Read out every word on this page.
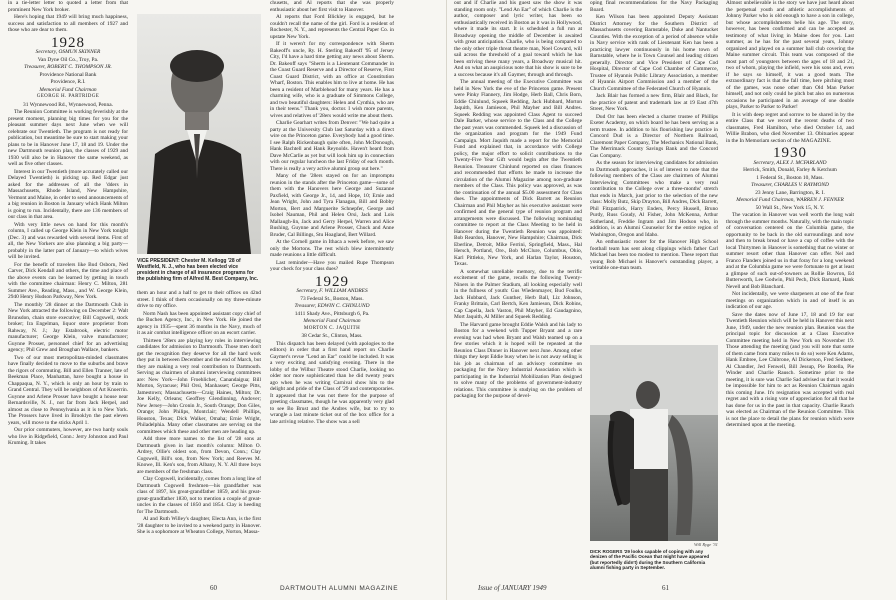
in a tie-letter letter to quoted a letter from that prominent New York broker.

Here's hoping that 1949 will bring much happiness, success and satisfaction to all members of 1927 and those who are dear to them.

1928

Secretary, OSMUN SKINNER

Van Dyne Oil Co., Troy, Pa.

Treasurer, ROBERT C. THOMPSON JR.

Providence National Bank

Providence, R.I.

Memorial Fund Chairman

GEORGE H. PARTRIDGE

31 Wynnewood Rd., Wynnewood, Penna.

The Reunion Committee is working feverishly at the present moment, planning big times for you for the pleasant summer days next June when we will celebrate our Twentieth. The program is not ready for publication, but meantime be sure to start making your plans to be in Hanover June 17, 18 and 19. Under the new Dartmouth reunion plan, the classes of 1929 and 1930 will also be in Hanover the same weekend, as well as five other classes.

Interest in our Twentieth (more accurately called our Delayed Twentieth) is picking up. Red Edgar just asked for the addresses of all the 'dders in Massachusetts, Rhode Island, New Hampshire, Vermont and Maine, in order to send announcements of a big reunion in Boston in January which Hank Milton is going to run. Incidentally, there are 136 members of our class in that area.

With very little news on hand for this month's column, I called up George Klein in New York tonight (Dec. 3) and was rewarded with several items. First of all, the New Yorkers are also planning a big party—probably in the latter part of January—to which wives will be invited.

For the benefit of travelers like Bud Osborn, Ned Carver, Dick Kendall and others, the time and place of the above events can be learned by getting in touch with the committee chairman: Henry C. Milton, 281 Summer Ave., Reading, Mass., and W. George Klein, 2940 Henry Hudson Parkway, New York.

The monthly '28 dinner at the Dartmouth Club in New York attracted the following on December 2: Walt Brunsdon, chain store executive; Bill Cogswell, stock broker; Ira Engelman, liquor store proprietor from Rahway, N. J.; Jay Estabrook, electric motor manufacturer; George Klein, valve manufacturer; Guynne Prosser, personnel chief for an advertising agency; Phil Grew and Broughan Wallace, bankers.

Two of our most metropolitan-minded classmates have finally decided to move to the suburbs and brave the rigors of commuting. Bill and Ellen Tranner, late of Beekman Place, Manhattan, have bought a house in Chappaqua, N. Y., which is only an hour by train to Grand Central. They will be neighbors of Art Knoerrin. Guynne and Arlene Prosser have bought a house near Bernardsville, N. J., not far from Jack Herpel, and almost as close to Pennsylvania as it is to New York. The Prossers have lived in Brooklyn the past eleven years, will move to the sticks April 1.

Our prior commuters, however, are two hardy souls who live in Ridgefield, Conn.: Jerry Johnston and Paul Kruming. It takes

VICE PRESIDENT: Chester M. Kellogg '28 of Westfield, N. J., who has been elected vice president in charge of all insurance programs for the publishing firm of Alfred M. Best Company, Inc.

them an hour and a half to get to their offices on 42nd street. I think of them occasionally on my three-minute drive to my office.

Norm Nash has been appointed assistant copy chief of the Buchen Agency, Inc., in New York. He joined the agency in 1935—spent 36 months in the Navy, much of it as air combat intelligence officer on an escort carrier.

Thirteen '28ers are playing key roles in interviewing candidates for admission to Dartmouth. Those men don't get the recognition they deserve for all the hard work they put in between December and the end of March, but they are making a very real contribution to Dartmouth. Serving as chairmen of alumni interviewing committees are: New York—John Froehlicher, Canandaigua; Bill Morton, Syracuse; Phil Orsi, Manhasset; George Pitts, Jamestown; Massachusetts—Craig Haines, Milton; Dr. Joe Kelly, Orleans; Geoffrey Glendinning, Andover; New Jersey—John Cronin Jr., South Orange; Don Giles, Orange; John Philips, Montclair; Wendell Phillips, Houston, Texas; Dick Walker, Omaha; Ernie Wright, Philadelphia. Many other classmates are serving on the committees which these and other men are heading up.

Add three more names to the list of '28 sons at Dartmouth given in last month's column: Milton O. Ardrey, Ollie's oldest son, from Devon, Conn.; Clay Cogswell, Bill's son, from New York; and Reeves M. Knowe, Ill. Ken's son, from Albany, N. Y. All three boys are members of the freshman class.

Clay Cogswell, incidentally, comes from a long line of Dartmouth Cogswell freshmen—his grandfather was class of 1897, his great-grandfather 1859, and his great-great-grandfather 1830, not to mention a couple of great-uncles in the classes of 1850 and 1854. Clay is heeding for The Dartmouth.

Al and Ruth Willey's daughter, Electa Ann, is the first '28 daughter to be invited to a weekend party in Hanover. She is a sophomore at Wheaton College, Norton, Massa-

chusetts, and Al reports that she was properly enthusiastic about her first visit to Hanover.

Al reports that Ford Blickley is engaged, but he couldn't recall the name of the girl. Ford is a resident of Rochester, N. Y., and represents the Central Paper Co. in upstate New York.

If it weren't for my correspondence with Sherm Bakeoff's uncle, Ry. H. Sterling Bakeoff '95 of Jersey City, I'd have a hard time getting any news about Sherm. Dr. Bakeoff says "Sherm is a Lieutenant Commander in the Coast Guard Reserve and a Director of Reserve, First Coast Guard District, with an office at Constitution Wharf, Boston. This enables him to live at home. He has been a resident of Marblehead for many years. He has a charming wife, who is a graduate of Simmons College, and two beautiful daughters: Helen and Cynthia, who are in their teens." Thank you, doctor. I wish more parents, wives and relatives of '28ers would write me about them.

Charlie Gearhart writes from Denver: "We had quite a party at the University Club last Saturday with a direct wire on the Princeton game. Everybody had a good time. I see Ralph Rickenbaugh quite often, John McDonough, Hank Bachtell and Hank Reynolds. Haven't heard from Dave McCarlie as yet but will look him up in connection with our regular luncheon the last Friday of each month. There is really a very active alumni group out here."

Many of the '28ers stayed on for an impromptu reunion in the stands after the Princeton game—some of them with the Hanovers here George and Suzanne Paxfield, with George Jr., 14, and Hope, 10; Ernie and Jean Wright, John and Tyra Flanagan, Bill and Bobby Morton, Bert and Marguerite Schnepfer, George and Isobel Nauman, Phil and Helen Orsi, Jack and Lois Mallaugh-lin, Jack and Gerry Herpel, Warren and Alice Bushing, Guynne and Arlene Prosser, Chuck and Anne Bruder, Cal Billings, Stu Hoagland, Bert Willard.

At the Cornell game in Ithaca a week before, we saw only the Mortons. The rest which blew intermittently made reunions a little difficult.

Last reminder—Have you mailed Rupe Thompson your check for your class dues?

1929

Secretary, F. WILLIAM ANDRES

73 Federal St., Boston, Mass.

Treasurer, EDWIN C. CHINLUND

1411 Shady Ave., Pittsburgh 6, Pa.

Memorial Fund Chairman

MORTON C. JAQUITH

38 Cedar St., Clinton, Mass.

This dispatch has been delayed (with apologies to the editors) in order that a first hand report on Charlie Gaymer's revue "Lend an Ear" could be included. It was a very exciting and satisfying evening. There in the lobby of the Wilbur Theatre stood Charlie, looking no older nor more sophisticated than he did twenty years ago when he was writing Carnival show hits to the delight and pride of the Class of '29 and contemporaries. It appeared that he was not there for the purpose of greeting classmates, though he was apparently very glad to see Bo Brust and the Andres wife, but to try to wrangle a last minute ticket out of the box office for a late arriving relative. The show was a sell

60	DARTMOUTH ALUMNI MAGAZINE

out and if Charlie and his guest saw the show it was standing room only. "Lend An Ear" of which Charlie is the author, composer and lyric writer, has been so enthusiastically received in Boston as it was in Hollywood, where it made its start. It is scheduled a full run at Broadway opening the middle of December is awaited with great anticipation. Charlie, who is being compared to the only other triple threat theatre man, Noel Coward, will sail across the threshold of a goal toward which he has been striving these many years, a Broadway musical hit. And on what an auspicious note that his show is sure to be a success because it's all Gaymer, through and through.

The annual meeting of the Executive Committee was held in New York the eve of the Princeton game. Present were Pinky Flannery, Jim Hodge, Herb Ball, Chris Born, Eddie Chinlund, Squeek Redding, Jack Hubbard, Morton Jaquith, Ken Jamieson, Phil Mayher and Bill Andres. Squeek Redding was appointed Class Agent to succeed Dale Barker, whose service to the Class and the College the past years was commended. Squeek led a discussion of the organization and program for the 1949 Fund Campaign. Mort Jaquith made a report for the Memorial Fund and explained that, in accordance with College policy, the major effort to solicit contributions to the Twenty-Five Year Gift would begin after the Twentieth Reunion. Treasurer Chinlund reported on class finances and recommended that efforts be made to increase the circulation of the Alumni Magazine among non-graduate members of the Class. This policy was approved, as was the continuation of the annual $5.00 assessment for Class dues. The appointments of Dick Barrett as Reunion Chairman and Phil Mayher as his executive assistant were confirmed and the general type of reunion program and arrangements were discussed. The following nominating committee to report at the Class Meeting to be held in Hanover during the Twentieth Reunion was appointed: Bob Reardon, Hanover, New Hampshire; Chairman, Dick Eberline, Detroit, Mike Ferrini, Springfield, Mass., Hal Hersch, Portland, Ore., Bob McClure, Columbus, Ohio, Karl Pittleko, New York, and Harlan Taylor, Houston, Texas.

A somewhat unreliable memory, due to the terrific excitement of the game, recalls the following Twenty-Niners in the Palmer Stadium, all looking especially well in the fullness of youth: Gus Wiedenmayer, Bud Foulks, Jack Hubbard, Jack Gunther, Herb Ball, Liz Johnson, Franky Brittain, Carl Bertch, Ken Jamieson, Dick Robins, Cap Capella, Jack Vaston, Phil Mayher, Ed Gaudagnino, Mort Jaquith, Al Miller and Squeek Redding.

The Harvard game brought Eddie Walsh and his lady to Boston for a weekend with Tupper Bryant and a rare evening was had when Bryant and Walsh teamed up on a few stories which it is hoped will be repeated at the Reunion Class Dinner in Hanover next June. Among other things they kept Eddie busy when he is not away selling is his job as chairman of an advisory committee on packaging for the Navy Industrial Association which is participating in the Industrial Mobilization Plan designed to solve many of the problems of government-industry relations. This committee is studying on the problem of packaging for the purpose of devel-

oping final recommendations for the Navy Packaging Board.

Ken Wilson has been appointed Deputy Assistant District Attorney for the Southern District of Massachusetts covering Barnstable, Duke and Nantucket Counties. With the exception of a period of absence while in Navy service with rank of Lieutenant Ken has been a practicing lawyer continuously in his home town of Barnstable, where he is Town Counsel and leading citizen generally. Director and Vice President of Cape Cod Hospital, Director of Cape Cod Chamber of Commerce, Trustee of Hyannis Public Library Association, a member of Hyannis Airport Commission and a member of the Church Committee of the Federated Church of Hyannis.

Jack Blair has formed a new firm, Blair and Black, for the practice of patent and trademark law at 19 East 47th Street, New York.

Dud Orr has been elected a charter trustee of Phillips Exeter Academy, on which board he has been serving as a term trustee. In addition to his flourishing law practice in Concord Dud is a Director of Northern Railroad, Claremont Paper Company, The Mechanics National Bank, The Merrimack County Savings Bank and the Concord Gas Company.

As the season for interviewing candidates for admission to Dartmouth approaches, it is of interest to note that the following members of the Class are chairmen of Alumni Interviewing Committees who make a very real contribution to the College over a three-months' stretch that ends in March, just prior to the selection of the new class: Molly Butz, Skip Drayton, Bill Andres, Dick Barrett, Phil Fitzpatrick, Harry Enders, Percy Hussell, Bruno Purdy, Russ Goudy, Al Fisher, John McKenna, Arthur Sutherland, Freddie Ingram and Jim Hodson who, in addition, is an Alumni Counselor for the entire region of Washington, Oregon and Idaho.

An enthusiastic rooter for the Hanover High School football team has sent along clippings which father Carl Michael has been too modest to mention. These report that young Bob Michael is Hanover's outstanding player, a veritable one-man team.

Will Ryge '31
DICK ROGERS '29 looks capable of coping with any denizen of the Pacific Ocean that might have appeared (but reportedly didn't) during the Southern California alumni fishing party in September.

Almost unbelievable is the story we have just heard about the perpetual youth and athletic accomplishments of Johnny Parker who is old enough to have a son in college, but whose accomplishments belie his age. The story, however, has been confirmed and can be accepted as testimony of what living in Maine does for you. Last summer, as he has for the past several years, Johnny organized and played on a summer ball club covering the Maine summer circuit. This team was composed of the most part of youngsters between the ages of 18 and 21, two of whom, playing the infield, were his sons and, even if he says so himself, it was a good team. The extraordinary fact is that the fall time, here pitching most of the games, was none other than Old Man Parker himself, and not only could he pitch but also on numerous occasions he participated in an average of one double plays, Parker to Parker to Parker!

It is with deep regret and sorrow to be shared in by the entire Class that we record the recent deaths of two classmates, Fred Hamilton, who died October 14, and Willie Brabon, who died November 13. Obituaries appear in the In Memoriam section of the MAGAZINE.

1930

Secretary, ALEX J. MCFARLAND

Herrick, Smith, Donald, Farley & Ketchum

1 Federal St., Boston 10, Mass.

Treasurer, CHARLES V. RAYMOND

23 Jenny Lane, Barrington, R. I.

Memorial Fund Chairman, WARREN J. FENNER

50 Wall St., New York 15, N. Y.

The vacation in Hanover was well worth the long wait through the summer months. Naturally, with the main topic of conversation centered on the Columbia game, the opportunity to be back in the old surroundings and now and then to break bread or have a cup of coffee with the local Thirtymen in Hanover is something that no winter or summer resort other than Hanover can offer. Nel and Franco Flanders joined us in that foray for a long weekend and at the Columbia game we were fortunate to get at least a glimpse of such out-of-towners as Rollie Bowron, Ed Butterworth, Lee Godwin, Phil Pech, Dick Barnard, Hank Nevell and Bob Blanchard.

Not incidentally, we were sharpeners at one of the four meetings on organization which in and of itself is an indication of our age.

Save the dates now of June 17, 18 and 19 for our Twentieth Reunion which will be held in Hanover this next June, 1949, under the new reunion plan. Reunion was the principal topic for discussion at a Class Executive Committee meeting held in New York on November 19. Those attending the meeting (and you will note that some of them came from many miles to do so) were Ken Adams, Hank Embree, Lee Chibrone, Al Dickerson, Fred Seitheer, Al Chandler, Jed Fenwell, Bill Jessup, Pie Botella, Pie Winder and Charlie Rausch. Sometime prior to the meeting, it is sure was Charlie Sad advised us that it would be impossible for him to act as Reunion Chairman again this coming June. It's resignation was accepted with real regret and with a rising vote of appreciation for all that he has done for us in the past in that capacity. Charlie Rauch was elected as Chairman of the Reunion Committee. This is not the place to detail the plans for reunion which were determined upon at the meeting.

Issue of JANUARY 1949	61
